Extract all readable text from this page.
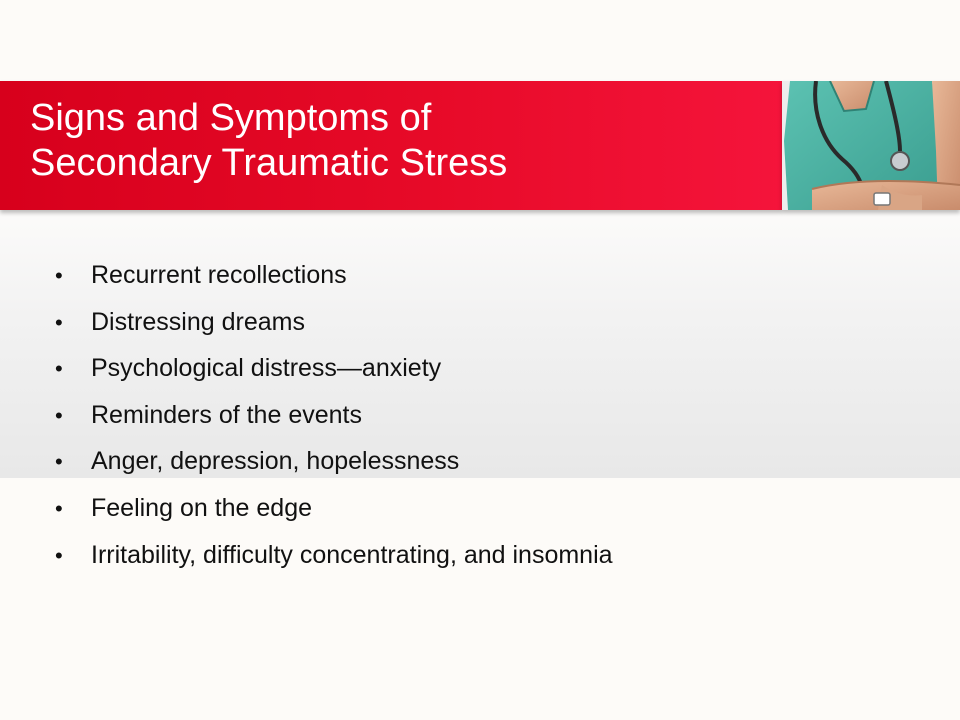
Signs and Symptoms of
Secondary Traumatic Stress
• Recurrent recollections
• Distressing dreams
• Psychological distress—anxiety
• Reminders of the events
• Anger, depression, hopelessness
• Feeling on the edge
• Irritability, difficulty concentrating, and insomnia
